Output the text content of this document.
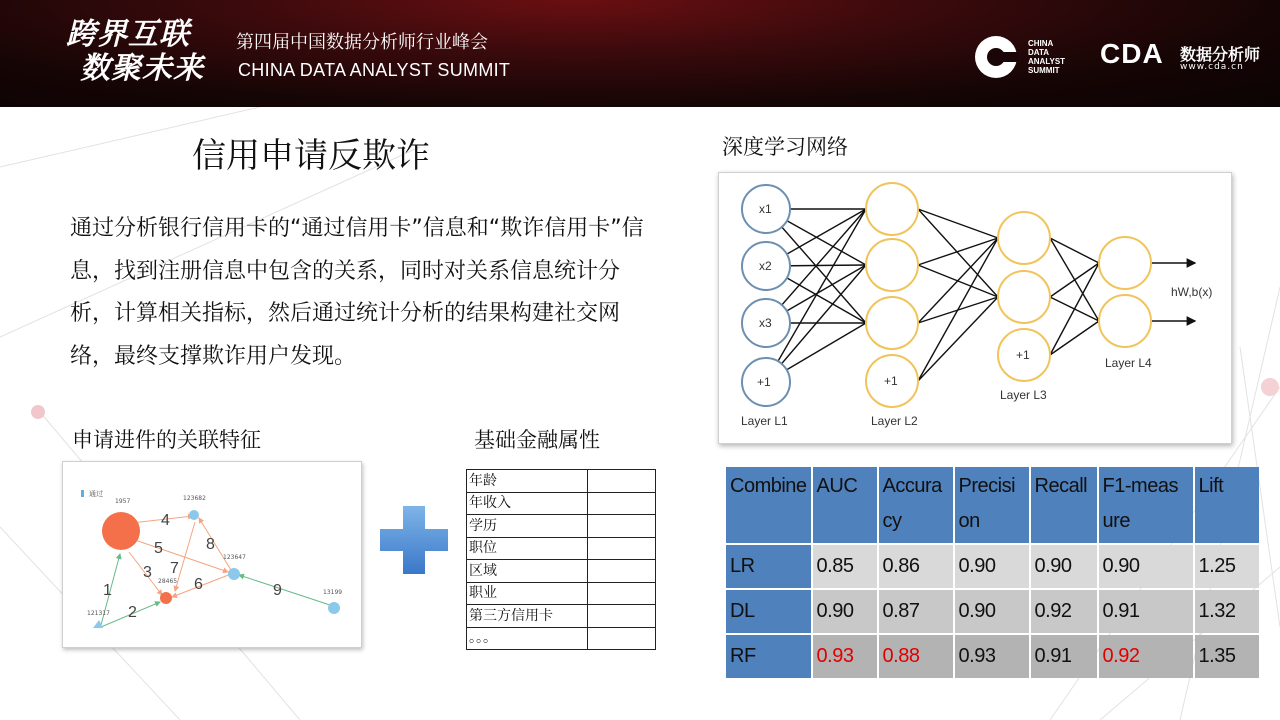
跨界互联
数聚未来
第四届中国数据分析师行业峰会
CHINA DATA ANALYST SUMMIT
CHINA
DATA
ANALYST
SUMMIT
CDA 数据分析师
www.cda.cn
信用申请反欺诈
通过分析银行信用卡的“通过信用卡”信息和“欺诈信用卡”信息，找到注册信息中包含的关系，同时对关系信息统计分析，计算相关指标，然后通过统计分析的结果构建社交网络，最终支撑欺诈用户发现。
申请进件的关联特征	基础金融属性
深度学习网络
通过
1957	123682
123647
28465
121317
13199
1
2
3
4
5
6
7
8
9
年龄	
年收入	
学历	
职位	
区域	
职业	
第三方信用卡	
。。。	
x1
x2
x3
+1	+1
+1
hW,b(x)
Layer L1	Layer L2
Layer L3
Layer L4
Combine	AUC	Accuracy	Precision	Recall	F1-measure	Lift
LR	0.85	0.86	0.90	0.90	0.90	1.25
DL	0.90	0.87	0.90	0.92	0.91	1.32
RF	0.93	0.88	0.93	0.91	0.92	1.35
